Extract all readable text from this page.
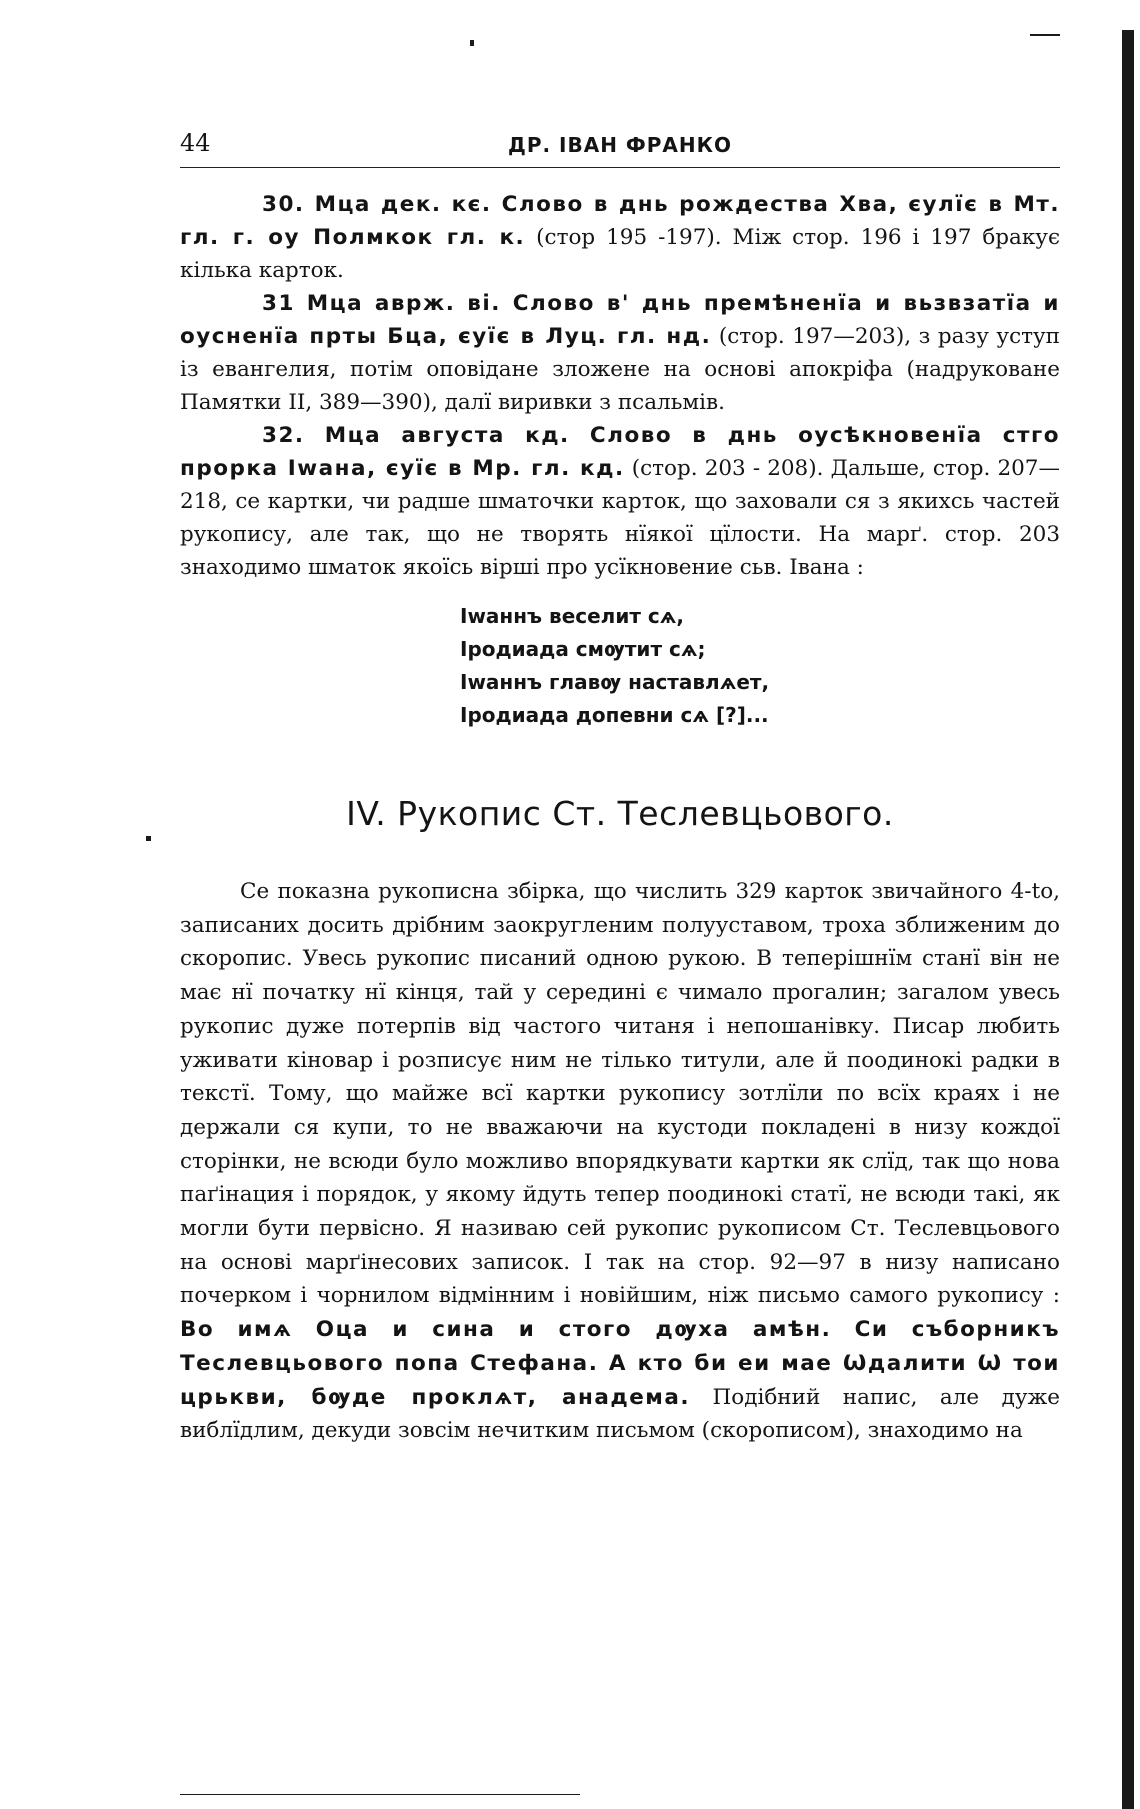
44	ДР. ІВАН ФРАНКО

30. Мца дек. кє. Слово в днь рождества Хва, єулїє в Мт. гл. г. оу Полмкок гл. к. (стор 195 -197). Між стор. 196 і 197 бракує кілька карток.

31 Мца аврж. ві. Слово в' днь премѣненїа и вьзвзатїа и оусненїа прты Бца, єуїє в Луц. гл. нд. (стор. 197—203), з разу уступ із евангелия, потім оповідане зложене на основі апокріфа (надруковане Памятки II, 389—390), далї виривки з псальмів.

32. Мца августа кд. Слово в днь оусѣкновенїа стго прорка Іwана, єуїє в Мр. гл. кд. (стор. 203 - 208). Дальше, стор. 207—218, се картки, чи радше шматочки карток, що заховали ся з якихсь частей рукопису, але так, що не творять нїякої цїлости. На марґ. стор. 203 знаходимо шматок якоїсь вірші про усїкновение сьв. Івана :

Іwаннъ веселит сѧ,
Іродиада смѹтит сѧ;
Іwаннъ главѹ наставлѧет,
Іродиада допевни сѧ [?]...
IV. Рукопис Ст. Теслевцьового.
Се показна рукописна збірка, що числить 329 карток звичайного 4-to, записаних досить дрібним заокругленим полууставом, троха зближеним до скоропис. Увесь рукопис писаний одною рукою. В теперішнїм станї він не має нї початку нї кінця, тай у середині є чимало прогалин; загалом увесь рукопис дуже потерпів від частого читаня і непошанівку. Писар любить уживати кіновар і розписує ним не тілько титули, але й поодинокі радки в текстї. Тому, що майже всї картки рукопису зотлїли по всїх краях і не держали ся купи, то не вважаючи на кустоди покладені в низу кождої сторінки, не всюди було можливо впорядкувати картки як слїд, так що нова паґінация і порядок, у якому йдуть тепер поодинокі статї, не всюди такі, як могли бути первісно. Я називаю сей рукопис рукописом Ст. Теслевцьового на основі марґінесових записок. І так на стор. 92—97 в низу написано почерком і чорнилом відмінним і новійшим, ніж письмо самого рукопису : Во имѧ Оца и сина и стого дѹха амѣн. Си съборникъ Теслевцьового попа Стефана. А кто би еи мае Ѡдалити Ѡ тои црькви, бѹде проклѧт, анадема. Подібний напис, але дуже виблїдлим, декуди зовсім нечитким письмом (скорописом), знаходимо на
